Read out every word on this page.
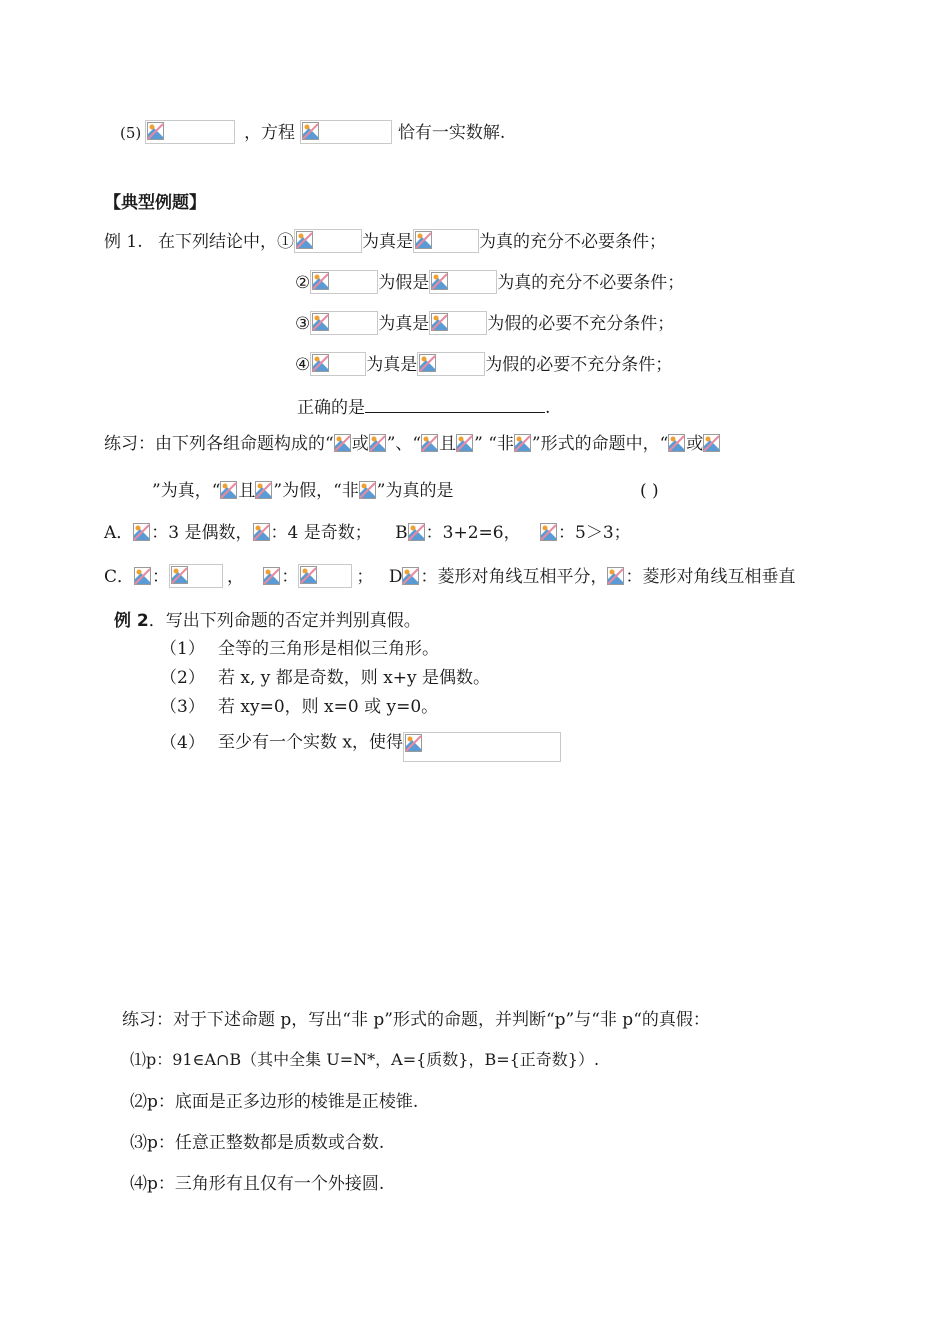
(5)	，方程	恰有一实数解.
【典型例题】
例 1. 在下列结论中，①	为真是	为真的充分不必要条件；
②	为假是	为真的充分不必要条件；
③	为真是	为假的必要不充分条件；
④	为真是	为假的必要不充分条件；
正确的是	.
练习：由下列各组命题构成的“ 或 ”、“ 且 ” “非 ”形式的命题中，“ 或
”为真，“ 且 ”为假，“非 ”为真的是	( )
A． ：3 是偶数， ：4 是奇数； B ：3+2=6， ：5＞3；
C． ：	， ：	； D ：菱形对角线互相平分， ：菱形对角线互相垂直
例 2．写出下列命题的否定并判别真假。
（1） 全等的三角形是相似三角形。
（2） 若 x, y 都是奇数，则 x+y 是偶数。
（3） 若 xy=0，则 x=0 或 y=0。
（4） 至少有一个实数 x，使得
练习：对于下述命题 p，写出“非 p”形式的命题，并判断“p”与“非 p“的真假：
⑴p：91∈A∩B（其中全集 U=N*，A={质数}，B={正奇数}）.
⑵p：底面是正多边形的棱锥是正棱锥.
⑶p：任意正整数都是质数或合数.
⑷p：三角形有且仅有一个外接圆.
